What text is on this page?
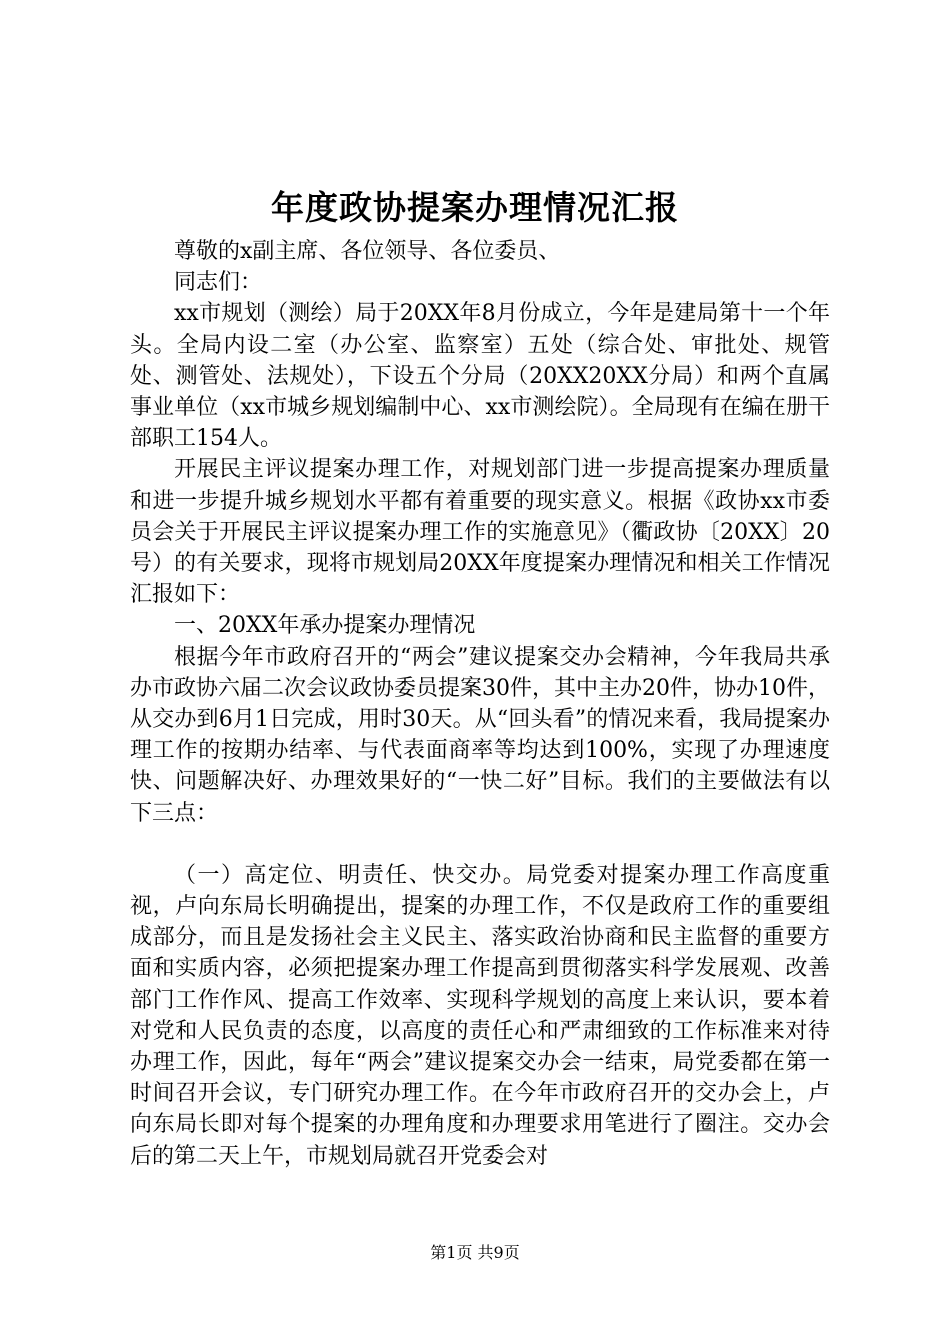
年度政协提案办理情况汇报

尊敬的x副主席、各位领导、各位委员、

同志们：

xx市规划（测绘）局于20XX年8月份成立，今年是建局第十一个年头。全局内设二室（办公室、监察室）五处（综合处、审批处、规管处、测管处、法规处），下设五个分局（20XX20XX分局）和两个直属事业单位（xx市城乡规划编制中心、xx市测绘院）。全局现有在编在册干部职工154人。

开展民主评议提案办理工作，对规划部门进一步提高提案办理质量和进一步提升城乡规划水平都有着重要的现实意义。根据《政协xx市委员会关于开展民主评议提案办理工作的实施意见》（衢政协〔20XX〕20号）的有关要求，现将市规划局20XX年度提案办理情况和相关工作情况汇报如下：

一、20XX年承办提案办理情况

根据今年市政府召开的“两会”建议提案交办会精神，今年我局共承办市政协六届二次会议政协委员提案30件，其中主办20件，协办10件，从交办到6月1日完成，用时30天。从“回头看”的情况来看，我局提案办理工作的按期办结率、与代表面商率等均达到100%，实现了办理速度快、问题解决好、办理效果好的“一快二好”目标。我们的主要做法有以下三点：

（一）高定位、明责任、快交办。局党委对提案办理工作高度重视，卢向东局长明确提出，提案的办理工作，不仅是政府工作的重要组成部分，而且是发扬社会主义民主、落实政治协商和民主监督的重要方面和实质内容，必须把提案办理工作提高到贯彻落实科学发展观、改善部门工作作风、提高工作效率、实现科学规划的高度上来认识，要本着对党和人民负责的态度，以高度的责任心和严肃细致的工作标准来对待办理工作，因此，每年“两会”建议提案交办会一结束，局党委都在第一时间召开会议，专门研究办理工作。在今年市政府召开的交办会上，卢向东局长即对每个提案的办理角度和办理要求用笔进行了圈注。交办会后的第二天上午，市规划局就召开党委会对

第1页 共9页
